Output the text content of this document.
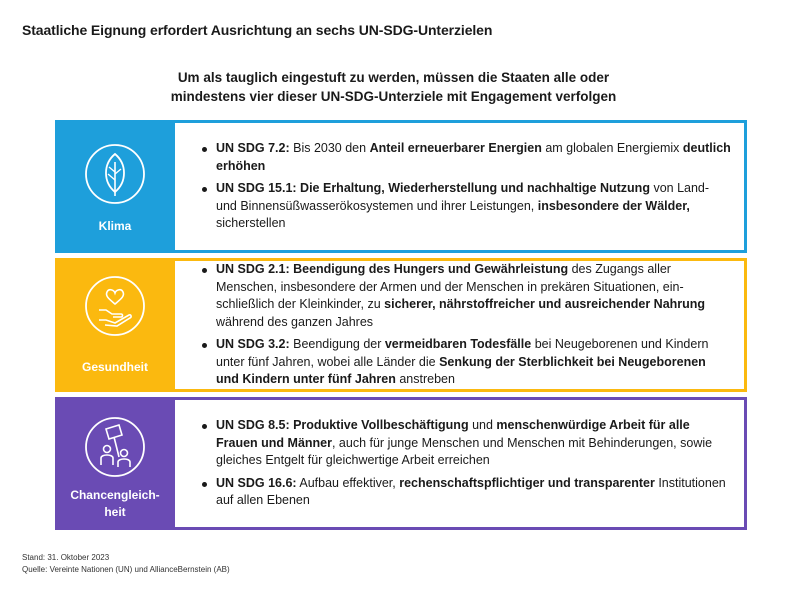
Staatliche Eignung erfordert Ausrichtung an sechs UN-SDG-Unterzielen
Um als tauglich eingestuft zu werden, müssen die Staaten alle oder
mindestens vier dieser UN-SDG-Unterziele mit Engagement verfolgen
Klima
UN SDG 7.2: Bis 2030 den Anteil erneuerbarer Energien am globalen Energiemix deutlich erhöhen
UN SDG 15.1: Die Erhaltung, Wiederherstellung und nachhaltige Nutzung von Land- und Binnensüßwasserökosystemen und ihrer Leistungen, insbesondere der Wälder, sicherstellen
Gesundheit
UN SDG 2.1: Beendigung des Hungers und Gewährleistung des Zugangs aller Menschen, insbesondere der Armen und der Menschen in prekären Situationen, einschließlich der Kleinkinder, zu sicherer, nährstoffreicher und ausreichender Nahrung während des ganzen Jahres
UN SDG 3.2: Beendigung der vermeidbaren Todesfälle bei Neugeborenen und Kindern unter fünf Jahren, wobei alle Länder die Senkung der Sterblichkeit bei Neugeborenen und Kindern unter fünf Jahren anstreben
Chancengleich-
heit
UN SDG 8.5: Produktive Vollbeschäftigung und menschenwürdige Arbeit für alle Frauen und Männer, auch für junge Menschen und Menschen mit Behinderungen, sowie gleiches Entgelt für gleichwertige Arbeit erreichen
UN SDG 16.6: Aufbau effektiver, rechenschaftspflichtiger und transparenter Institutionen auf allen Ebenen
Stand: 31. Oktober 2023
Quelle: Vereinte Nationen (UN) und AllianceBernstein (AB)
